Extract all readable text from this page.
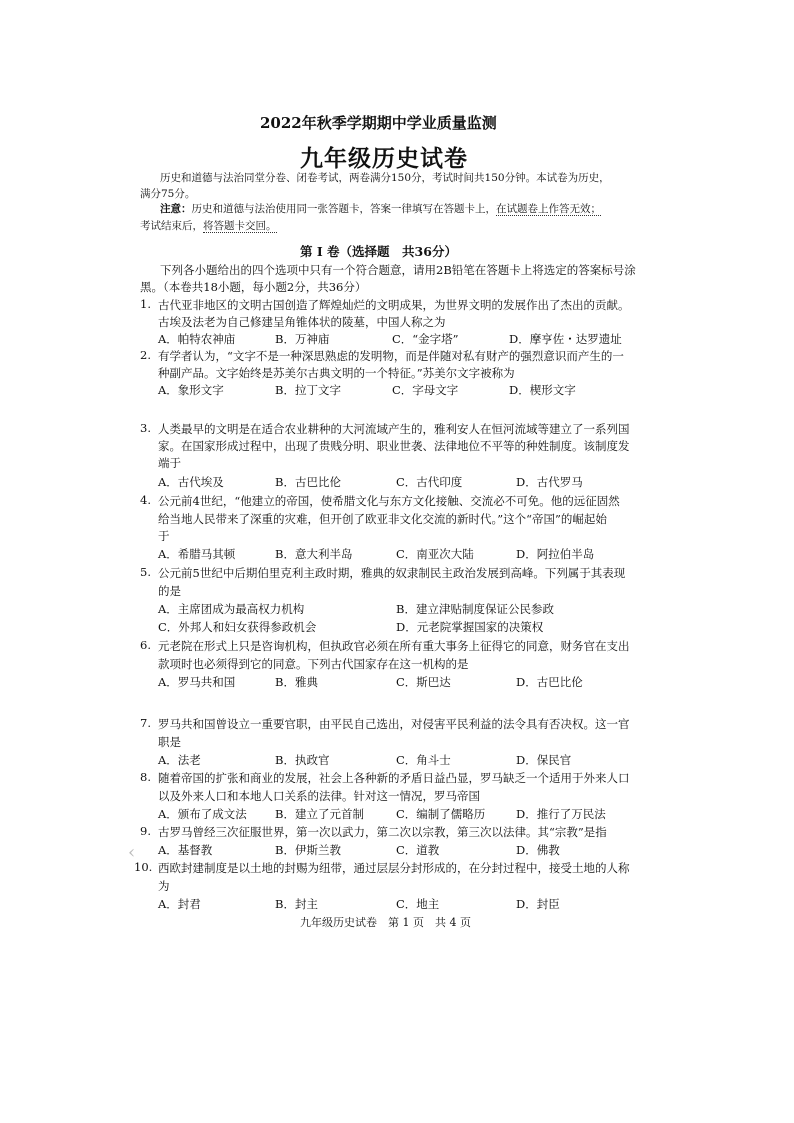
2022年秋季学期期中学业质量监测
九年级历史试卷
历史和道德与法治同堂分卷、闭卷考试，两卷满分150分，考试时间共150分钟。本试卷为历史，
满分75分。
注意：历史和道德与法治使用同一张答题卡，答案一律填写在答题卡上，在试题卷上作答无效；
考试结束后，将答题卡交回。
第 I 卷（选择题　共36分）
下列各小题给出的四个选项中只有一个符合题意，请用2B铅笔在答题卡上将选定的答案标号涂
黑。（本卷共18小题，每小题2分，共36分）
1. 古代亚非地区的文明古国创造了辉煌灿烂的文明成果，为世界文明的发展作出了杰出的贡献。
古埃及法老为自己修建呈角锥体状的陵墓，中国人称之为
A．帕特农神庙	B．万神庙	C．“金字塔”	D．摩亨佐・达罗遗址
2. 有学者认为，“文字不是一种深思熟虑的发明物，而是伴随对私有财产的强烈意识而产生的一
种副产品。文字始终是苏美尔古典文明的一个特征。”苏美尔文字被称为
A．象形文字	B．拉丁文字	C．字母文字	D．楔形文字
3. 人类最早的文明是在适合农业耕种的大河流域产生的，雅利安人在恒河流域等建立了一系列国
家。在国家形成过程中，出现了贵贱分明、职业世袭、法律地位不平等的种姓制度。该制度发
端于
A．古代埃及	B．古巴比伦	C．古代印度	D．古代罗马
4. 公元前4世纪，“他建立的帝国，使希腊文化与东方文化接触、交流必不可免。他的远征固然
给当地人民带来了深重的灾难，但开创了欧亚非文化交流的新时代。”这个“帝国”的崛起始
于
A．希腊马其顿	B．意大利半岛	C．南亚次大陆	D．阿拉伯半岛
5. 公元前5世纪中后期伯里克利主政时期，雅典的奴隶制民主政治发展到高峰。下列属于其表现
的是
A．主席团成为最高权力机构	B．建立津贴制度保证公民参政
C．外邦人和妇女获得参政机会	D．元老院掌握国家的决策权
6. 元老院在形式上只是咨询机构，但执政官必须在所有重大事务上征得它的同意，财务官在支出
款项时也必须得到它的同意。下列古代国家存在这一机构的是
A．罗马共和国	B．雅典	C．斯巴达	D．古巴比伦
7. 罗马共和国曾设立一重要官职，由平民自己选出，对侵害平民利益的法令具有否决权。这一官
职是
A．法老	B．执政官	C．角斗士	D．保民官
8. 随着帝国的扩张和商业的发展，社会上各种新的矛盾日益凸显，罗马缺乏一个适用于外来人口
以及外来人口和本地人口关系的法律。针对这一情况，罗马帝国
A．颁布了成文法 B．建立了元首制	C．编制了儒略历	D．推行了万民法
9. 古罗马曾经三次征服世界，第一次以武力，第二次以宗教，第三次以法律。其“宗教”是指
A．基督教	B．伊斯兰教	C．道教	D．佛教
‹
10. 西欧封建制度是以土地的封赐为纽带，通过层层分封形成的，在分封过程中，接受土地的人称
为
A．封君	B．封主	C．地主	D．封臣
九年级历史试卷　第 1 页　共 4 页
